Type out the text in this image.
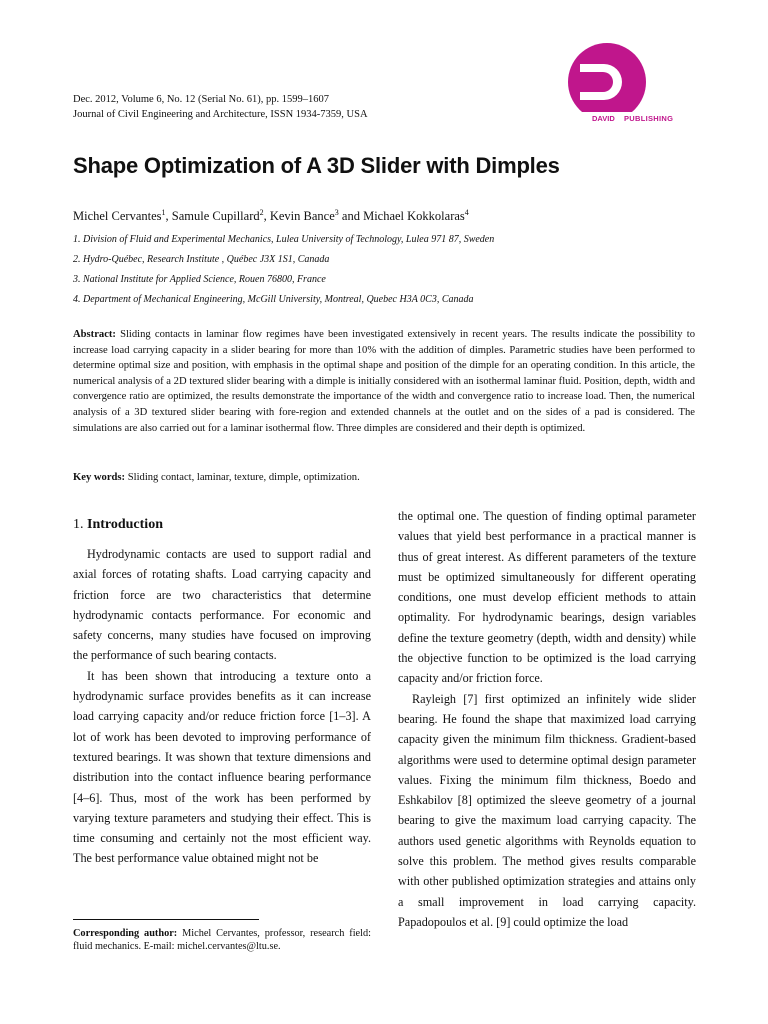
Dec. 2012, Volume 6, No. 12 (Serial No. 61), pp. 1599–1607
Journal of Civil Engineering and Architecture, ISSN 1934-7359, USA	DAVID PUBLISHING
Shape Optimization of A 3D Slider with Dimples
Michel Cervantes$^1$, Samule Cupillard$^2$, Kevin Bance$^3$ and Michael Kokkolaras$^4$
1. Division of Fluid and Experimental Mechanics, Lulea University of Technology, Lulea 971 87, Sweden
2. Hydro-Québec, Research Institute , Québec J3X 1S1, Canada
3. National Institute for Applied Science, Rouen 76800, France
4. Department of Mechanical Engineering, McGill University, Montreal, Quebec H3A 0C3, Canada
Abstract: Sliding contacts in laminar flow regimes have been investigated extensively in recent years. The results indicate the possibility to increase load carrying capacity in a slider bearing for more than 10% with the addition of dimples. Parametric studies have been performed to determine optimal size and position, with emphasis in the optimal shape and position of the dimple for an operating condition. In this article, the numerical analysis of a 2D textured slider bearing with a dimple is initially considered with an isothermal laminar fluid. Position, depth, width and convergence ratio are optimized, the results demonstrate the importance of the width and convergence ratio to increase load. Then, the numerical analysis of a 3D textured slider bearing with fore-region and extended channels at the outlet and on the sides of a pad is considered. The simulations are also carried out for a laminar isothermal flow. Three dimples are considered and their depth is optimized.
Key words: Sliding contact, laminar, texture, dimple, optimization.
1. Introduction

Hydrodynamic contacts are used to support radial and axial forces of rotating shafts. Load carrying capacity and friction force are two characteristics that determine hydrodynamic contacts performance. For economic and safety concerns, many studies have focused on improving the performance of such bearing contacts.

It has been shown that introducing a texture onto a hydrodynamic surface provides benefits as it can increase load carrying capacity and/or reduce friction force [1–3]. A lot of work has been devoted to improving performance of textured bearings. It was shown that texture dimensions and distribution into the contact influence bearing performance [4–6]. Thus, most of the work has been performed by varying texture parameters and studying their effect. This is time consuming and certainly not the most efficient way. The best performance value obtained might not be

the optimal one. The question of finding optimal parameter values that yield best performance in a practical manner is thus of great interest. As different parameters of the texture must be optimized simultaneously for different operating conditions, one must develop efficient methods to attain optimality. For hydrodynamic bearings, design variables define the texture geometry (depth, width and density) while the objective function to be optimized is the load carrying capacity and/or friction force.

Rayleigh [7] first optimized an infinitely wide slider bearing. He found the shape that maximized load carrying capacity given the minimum film thickness. Gradient-based algorithms were used to determine optimal design parameter values. Fixing the minimum film thickness, Boedo and Eshkabilov [8] optimized the sleeve geometry of a journal bearing to give the maximum load carrying capacity. The authors used genetic algorithms with Reynolds equation to solve this problem. The method gives results comparable with other published optimization strategies and attains only a small improvement in load carrying capacity. Papadopoulos et al. [9] could optimize the load

Corresponding author: Michel Cervantes, professor, research field: fluid mechanics. E-mail: michel.cervantes@ltu.se.
